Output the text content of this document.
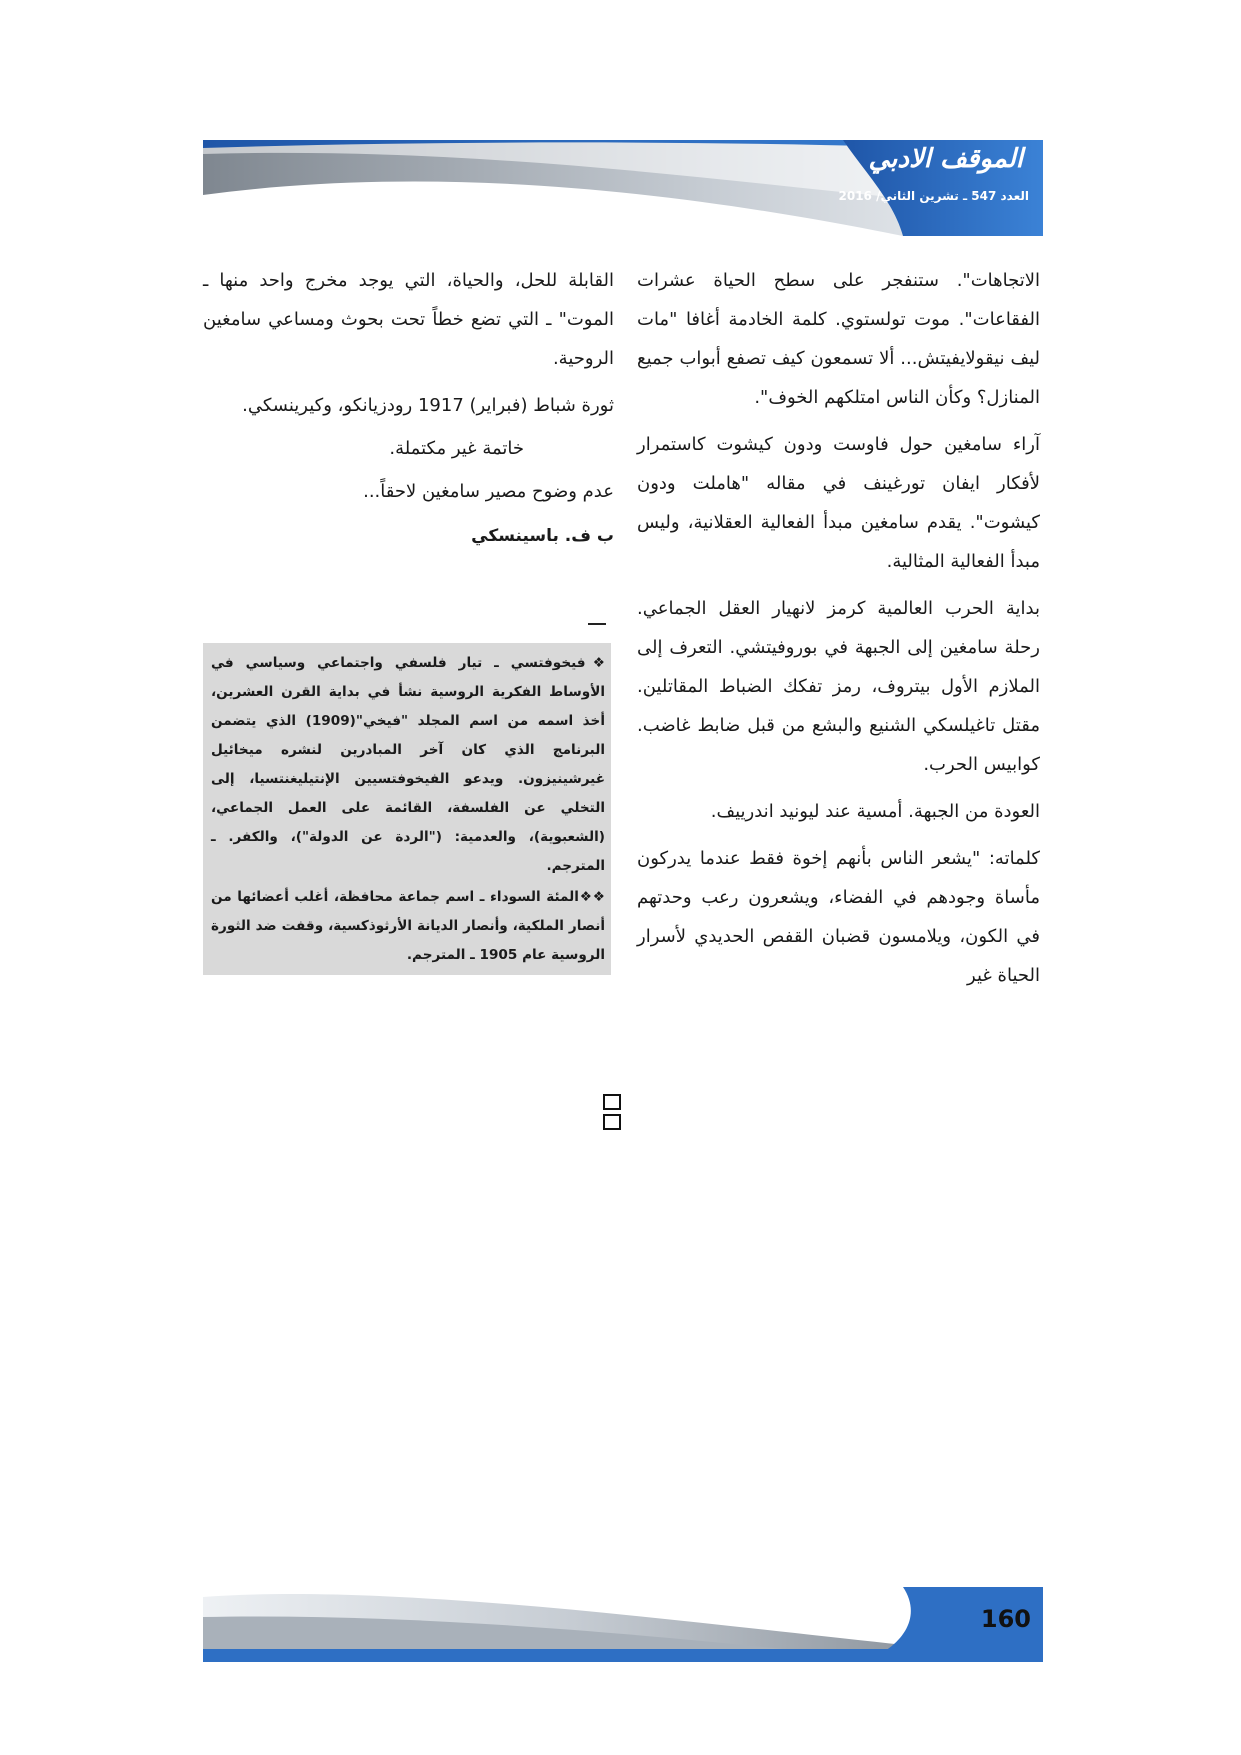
الموقف الادبي
العدد 547 ـ تشرين الثاني/ 2016

الاتجاهات". ستنفجر على سطح الحياة عشرات الفقاعات". موت تولستوي. كلمة الخادمة أغافا "مات ليف نيقولايفيتش... ألا تسمعون كيف تصفع أبواب جميع المنازل؟ وكأن الناس امتلكهم الخوف".

آراء سامغين حول فاوست ودون كيشوت كاستمرار لأفكار ايفان تورغينف في مقاله "هاملت ودون كيشوت". يقدم سامغين مبدأ الفعالية العقلانية، وليس مبدأ الفعالية المثالية.

بداية الحرب العالمية كرمز لانهيار العقل الجماعي. رحلة سامغين إلى الجبهة في بوروفيتشي. التعرف إلى الملازم الأول بيتروف، رمز تفكك الضباط المقاتلين. مقتل تاغيلسكي الشنيع والبشع من قبل ضابط غاضب. كوابيس الحرب.

العودة من الجبهة. أمسية عند ليونيد اندرييف.

كلماته: "يشعر الناس بأنهم إخوة فقط عندما يدركون مأساة وجودهم في الفضاء، ويشعرون رعب وحدتهم في الكون، ويلامسون قضبان القفص الحديدي لأسرار الحياة غير

القابلة للحل، والحياة، التي يوجد مخرج واحد منها ـ الموت" ـ التي تضع خطاً تحت بحوث ومساعي سامغين الروحية.

ثورة شباط (فبراير) 1917 رودزيانكو، وكيرينسكي.

خاتمة غير مكتملة.

عدم وضوح مصير سامغين لاحقاً...

ب ف. باسينسكي

❖فيخوفتسي ـ تيار فلسفي واجتماعي وسياسي في الأوساط الفكرية الروسية نشأ في بداية القرن العشرين، أخذ اسمه من اسم المجلد "فيخي"(1909) الذي يتضمن البرنامج الذي كان آخر المبادرين لنشره ميخائيل غيرشينيزون. ويدعو الفيخوفتسيين الإنتيليغنتسيا، إلى التخلي عن الفلسفة، القائمة على العمل الجماعي، (الشعبوية)، والعدمية: ("الردة عن الدولة")، والكفر. ـ المترجم.

❖❖المئة السوداء ـ اسم جماعة محافظة، أغلب أعضائها من أنصار الملكية، وأنصار الديانة الأرثوذكسية، وقفت ضد الثورة الروسية عام 1905 ـ المترجم.

160
